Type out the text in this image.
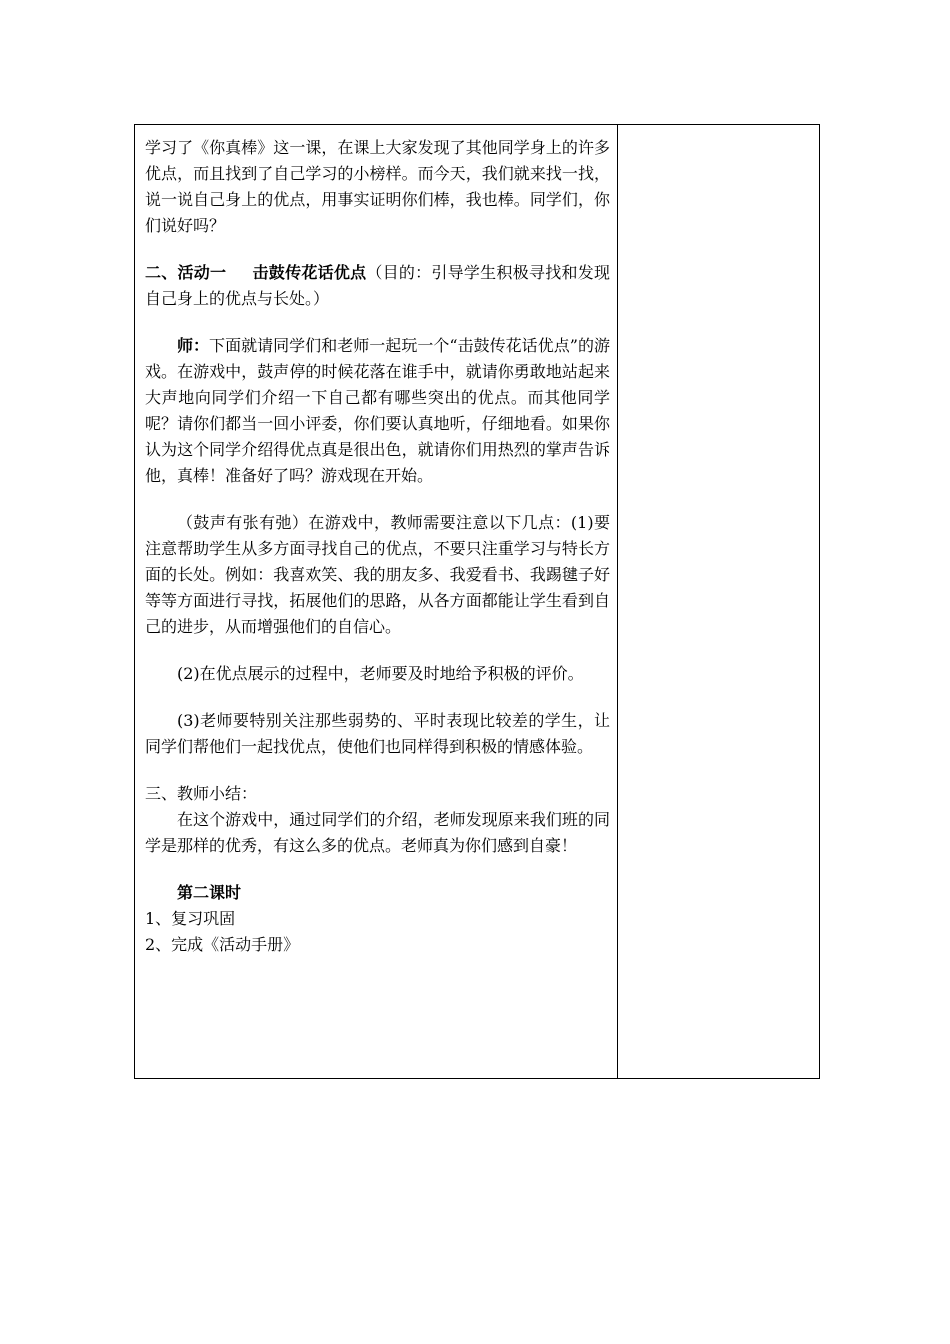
学习了《你真棒》这一课，在课上大家发现了其他同学身上的许多优点，而且找到了自己学习的小榜样。而今天，我们就来找一找，说一说自己身上的优点，用事实证明你们棒，我也棒。同学们，你们说好吗？

二、活动一 击鼓传花话优点（目的：引导学生积极寻找和发现自己身上的优点与长处。）

师：下面就请同学们和老师一起玩一个“击鼓传花话优点”的游戏。在游戏中，鼓声停的时候花落在谁手中，就请你勇敢地站起来大声地向同学们介绍一下自己都有哪些突出的优点。而其他同学呢？请你们都当一回小评委，你们要认真地听，仔细地看。如果你认为这个同学介绍得优点真是很出色，就请你们用热烈的掌声告诉他，真棒！准备好了吗？游戏现在开始。

（鼓声有张有弛）在游戏中，教师需要注意以下几点：(1)要注意帮助学生从多方面寻找自己的优点，不要只注重学习与特长方面的长处。例如：我喜欢笑、我的朋友多、我爱看书、我踢毽子好等等方面进行寻找，拓展他们的思路，从各方面都能让学生看到自己的进步，从而增强他们的自信心。

(2)在优点展示的过程中，老师要及时地给予积极的评价。

(3)老师要特别关注那些弱势的、平时表现比较差的学生，让同学们帮他们一起找优点，使他们也同样得到积极的情感体验。

三、教师小结：

在这个游戏中，通过同学们的介绍，老师发现原来我们班的同学是那样的优秀，有这么多的优点。老师真为你们感到自豪！

第二课时

1、复习巩固

2、完成《活动手册》
